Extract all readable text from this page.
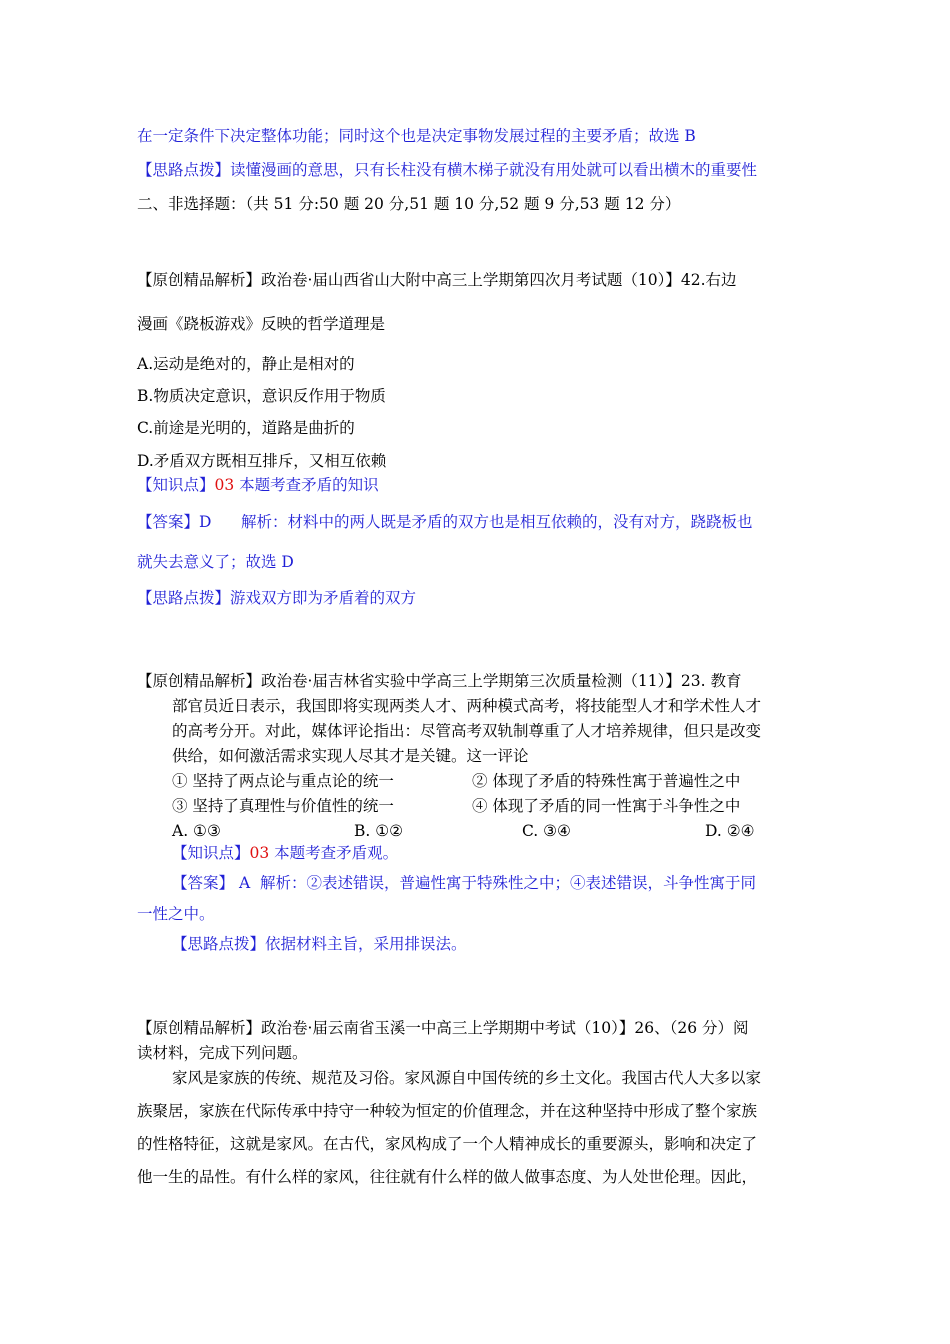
在一定条件下决定整体功能；同时这个也是决定事物发展过程的主要矛盾；故选 B
【思路点拨】读懂漫画的意思，只有长柱没有横木梯子就没有用处就可以看出横木的重要性
二、非选择题：（共 51 分:50 题 20 分,51 题 10 分,52 题 9 分,53 题 12 分）
【原创精品解析】政治卷·届山西省山大附中高三上学期第四次月考试题（10）】42.右边
漫画《跷板游戏》反映的哲学道理是
A.运动是绝对的，静止是相对的
B.物质决定意识，意识反作用于物质
C.前途是光明的，道路是曲折的
D.矛盾双方既相互排斥，又相互依赖
【知识点】03 本题考查矛盾的知识
【答案】D      解析：材料中的两人既是矛盾的双方也是相互依赖的，没有对方，跷跷板也
就失去意义了；故选 D
【思路点拨】游戏双方即为矛盾着的双方
【原创精品解析】政治卷·届吉林省实验中学高三上学期第三次质量检测（11）】23. 教育
部官员近日表示，我国即将实现两类人才、两种模式高考，将技能型人才和学术性人才
的高考分开。对此，媒体评论指出：尽管高考双轨制尊重了人才培养规律，但只是改变
供给，如何激活需求实现人尽其才是关键。这一评论
① 坚持了两点论与重点论的统一	② 体现了矛盾的特殊性寓于普遍性之中
③ 坚持了真理性与价值性的统一	④ 体现了矛盾的同一性寓于斗争性之中
A. ①③	B. ①②	C. ③④	D. ②④
【知识点】03 本题考查矛盾观。
【答案】 A  解析：②表述错误，普遍性寓于特殊性之中；④表述错误，斗争性寓于同
一性之中。
【思路点拨】依据材料主旨，采用排误法。
【原创精品解析】政治卷·届云南省玉溪一中高三上学期期中考试（10）】26、（26 分）阅
读材料，完成下列问题。
家风是家族的传统、规范及习俗。家风源自中国传统的乡土文化。我国古代人大多以家
族聚居，家族在代际传承中持守一种较为恒定的价值理念，并在这种坚持中形成了整个家族
的性格特征，这就是家风。在古代，家风构成了一个人精神成长的重要源头，影响和决定了
他一生的品性。有什么样的家风，往往就有什么样的做人做事态度、为人处世伦理。因此，
